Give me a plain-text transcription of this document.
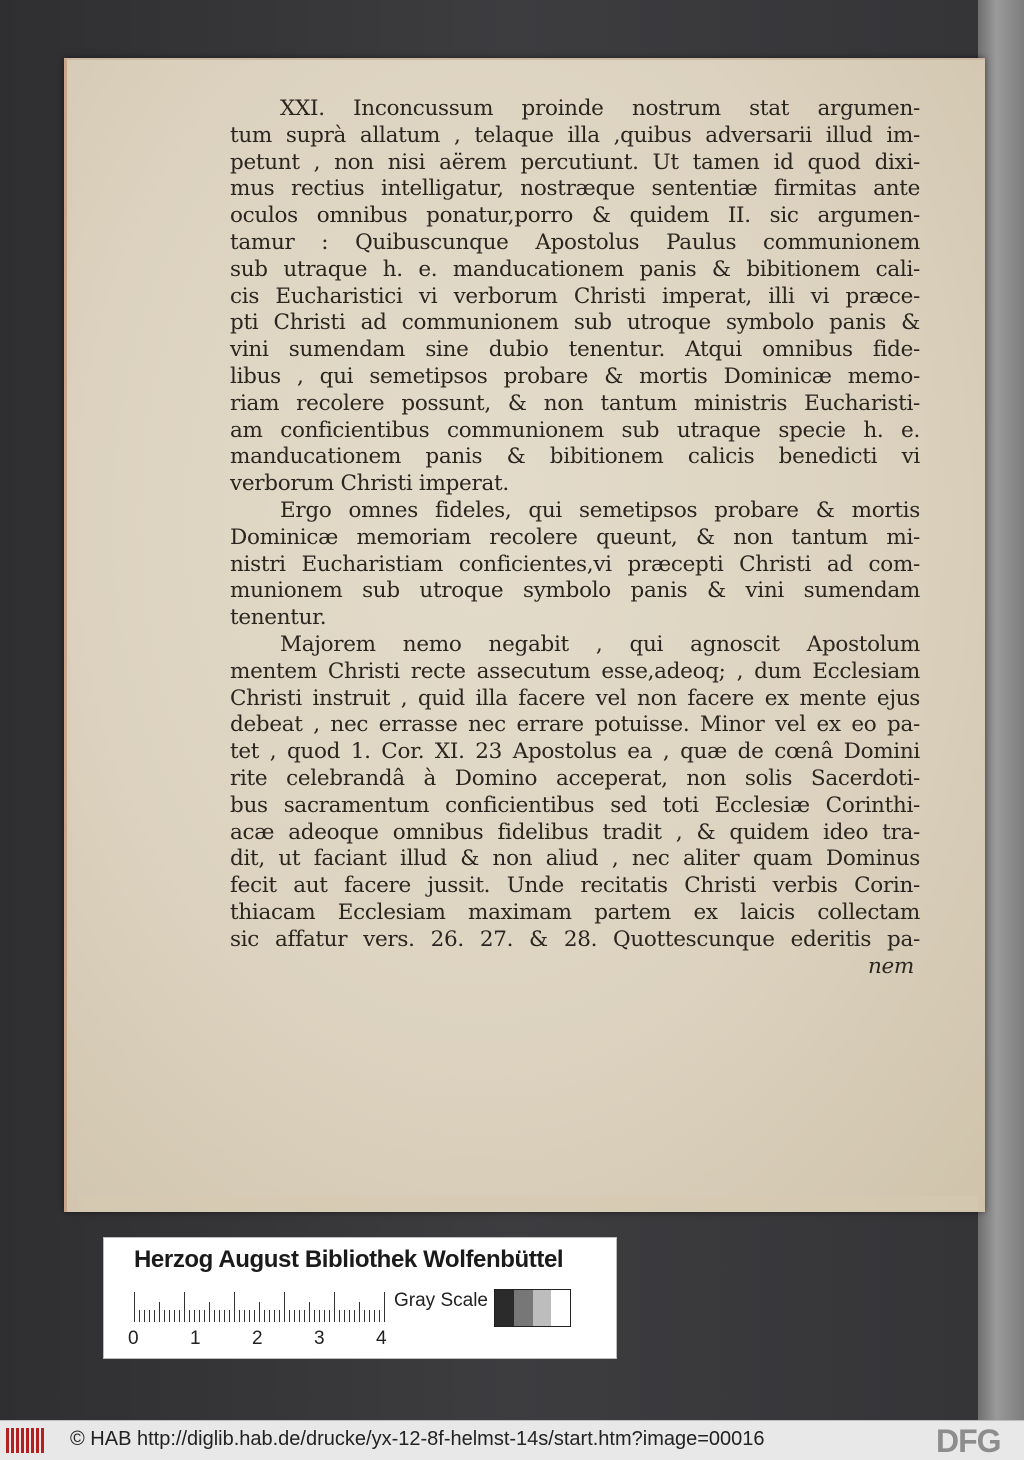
XXI. Inconcussum proinde nostrum stat argumen-
tum suprà allatum , telaque illa ,quibus adversarii illud im-
petunt , non nisi aërem percutiunt. Ut tamen id quod dixi-
mus rectius intelligatur, nostræque sententiæ firmitas ante
oculos omnibus ponatur,porro & quidem II. sic argumen-
tamur : Quibuscunque Apostolus Paulus communionem
sub utraque h. e. manducationem panis & bibitionem cali-
cis Eucharistici vi verborum Christi imperat, illi vi præce-
pti Christi ad communionem sub utroque symbolo panis &
vini sumendam sine dubio tenentur. Atqui omnibus fide-
libus , qui semetipsos probare & mortis Dominicæ memo-
riam recolere possunt, & non tantum ministris Eucharisti-
am conficientibus communionem sub utraque specie h. e.
manducationem panis & bibitionem calicis benedicti vi
verborum Christi imperat.
Ergo omnes fideles, qui semetipsos probare & mortis
Dominicæ memoriam recolere queunt, & non tantum mi-
nistri Eucharistiam conficientes,vi præcepti Christi ad com-
munionem sub utroque symbolo panis & vini sumendam
tenentur.
Majorem nemo negabit , qui agnoscit Apostolum
mentem Christi recte assecutum esse,adeoq; , dum Ecclesiam
Christi instruit , quid illa facere vel non facere ex mente ejus
debeat , nec errasse nec errare potuisse. Minor vel ex eo pa-
tet , quod 1. Cor. XI. 23 Apostolus ea , quæ de cœnâ Domini
rite celebrandâ à Domino acceperat, non solis Sacerdoti-
bus sacramentum conficientibus sed toti Ecclesiæ Corinthi-
acæ adeoque omnibus fidelibus tradit , & quidem ideo tra-
dit, ut faciant illud & non aliud , nec aliter quam Dominus
fecit aut facere jussit. Unde recitatis Christi verbis Corin-
thiacam Ecclesiam maximam partem ex laicis collectam
sic affatur vers. 26. 27. & 28. Quottescunque ederitis pa-
nem
Herzog August Bibliothek Wolfenbüttel
0	1	2	3	4
Gray Scale
© HAB http://diglib.hab.de/drucke/yx-12-8f-helmst-14s/start.htm?image=00016	DFG
